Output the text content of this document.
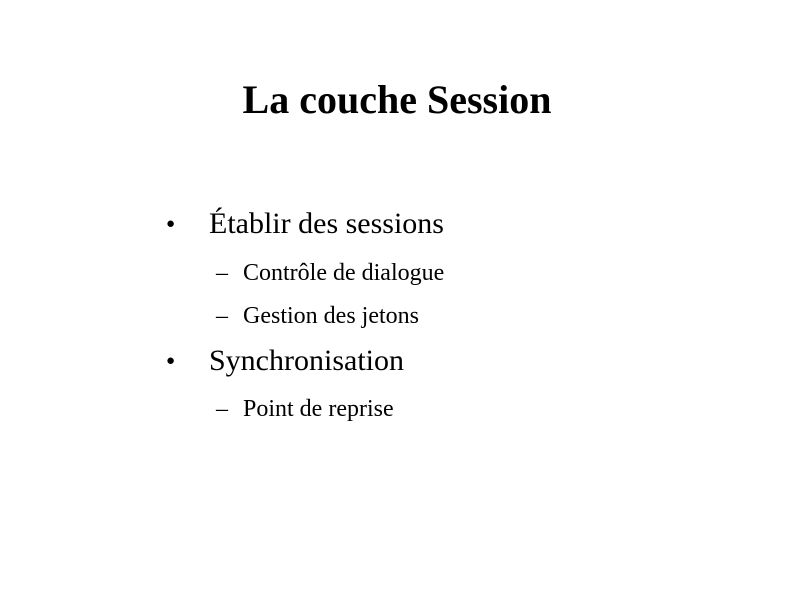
La couche Session
●	Établir des sessions
– Contrôle de dialogue
– Gestion des jetons
●	Synchronisation
– Point de reprise
